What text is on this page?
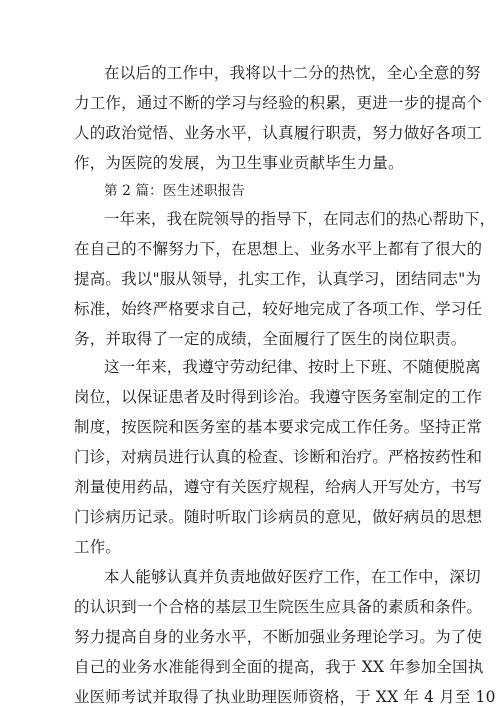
在以后的工作中，我将以十二分的热忱，全心全意的努
力工作，通过不断的学习与经验的积累，更进一步的提高个
人的政治觉悟、业务水平，认真履行职责，努力做好各项工
作，为医院的发展，为卫生事业贡献毕生力量。
第 2 篇：医生述职报告
一年来，我在院领导的指导下，在同志们的热心帮助下，
在自己的不懈努力下，在思想上、业务水平上都有了很大的
提高。我以"服从领导，扎实工作，认真学习，团结同志"为
标准，始终严格要求自己，较好地完成了各项工作、学习任
务，并取得了一定的成绩，全面履行了医生的岗位职责。
这一年来，我遵守劳动纪律、按时上下班、不随便脱离
岗位，以保证患者及时得到诊治。我遵守医务室制定的工作
制度，按医院和医务室的基本要求完成工作任务。坚持正常
门诊，对病员进行认真的检查、诊断和治疗。严格按药性和
剂量使用药品，遵守有关医疗规程，给病人开写处方，书写
门诊病历记录。随时听取门诊病员的意见，做好病员的思想
工作。
本人能够认真并负责地做好医疗工作，在工作中，深切
的认识到一个合格的基层卫生院医生应具备的素质和条件。
努力提高自身的业务水平，不断加强业务理论学习。为了使
自己的业务水准能得到全面的提高，我于 XX 年参加全国执
业医师考试并取得了执业助理医师资格，于 XX 年 4 月至 10
